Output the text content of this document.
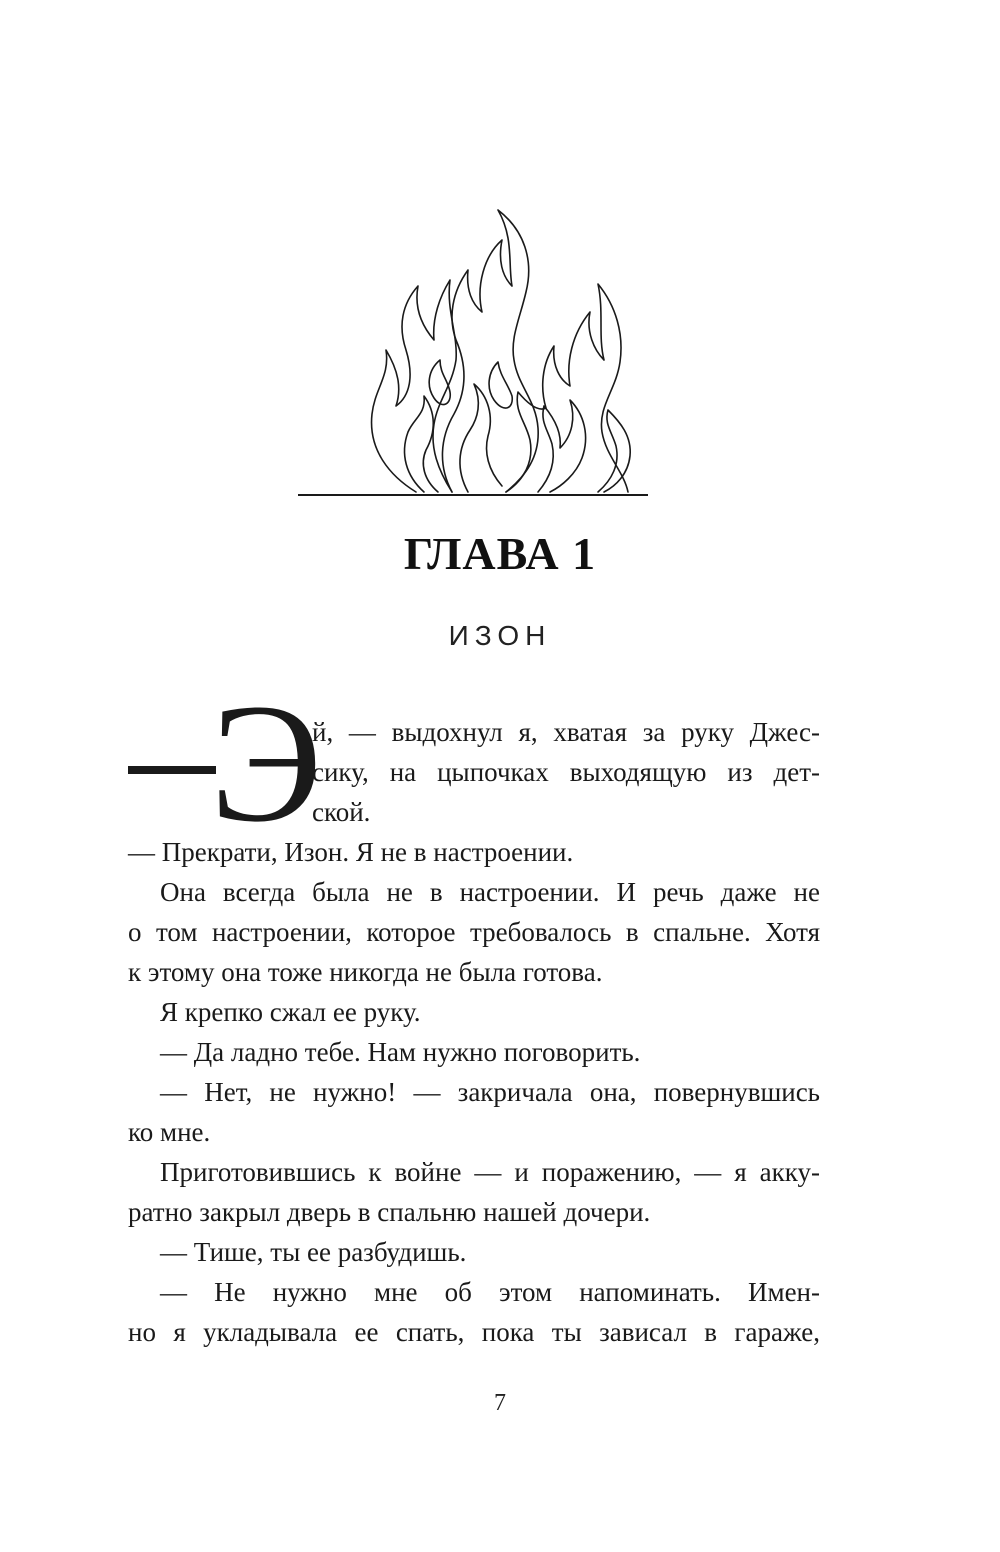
ГЛАВА 1
ИЗОН
Э
й, — выдохнул я, хватая за руку Джес-
сику, на цыпочках выходящую из дет-
ской.
— Прекрати, Изон. Я не в настроении.
Она всегда была не в настроении. И речь даже не
о том настроении, которое требовалось в спальне. Хотя
к этому она тоже никогда не была готова.
Я крепко сжал ее руку.
— Да ладно тебе. Нам нужно поговорить.
— Нет, не нужно! — закричала она, повернувшись
ко мне.
Приготовившись к войне — и поражению, — я акку-
ратно закрыл дверь в спальню нашей дочери.
— Тише, ты ее разбудишь.
— Не нужно мне об этом напоминать. Имен-
но я укладывала ее спать, пока ты зависал в гараже,
7
